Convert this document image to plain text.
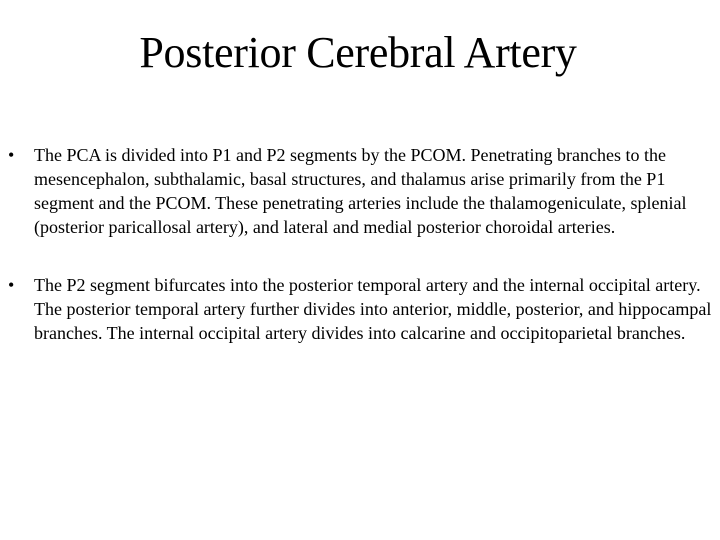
Posterior Cerebral Artery
• The PCA is divided into P1 and P2 segments by the PCOM. Penetrating branches to the mesencephalon, subthalamic, basal structures, and thalamus arise primarily from the P1 segment and the PCOM. These penetrating arteries include the thalamogeniculate, splenial (posterior paricallosal artery), and lateral and medial posterior choroidal arteries.
• The P2 segment bifurcates into the posterior temporal artery and the internal occipital artery. The posterior temporal artery further divides into anterior, middle, posterior, and hippocampal branches. The internal occipital artery divides into calcarine and occipitoparietal branches.
